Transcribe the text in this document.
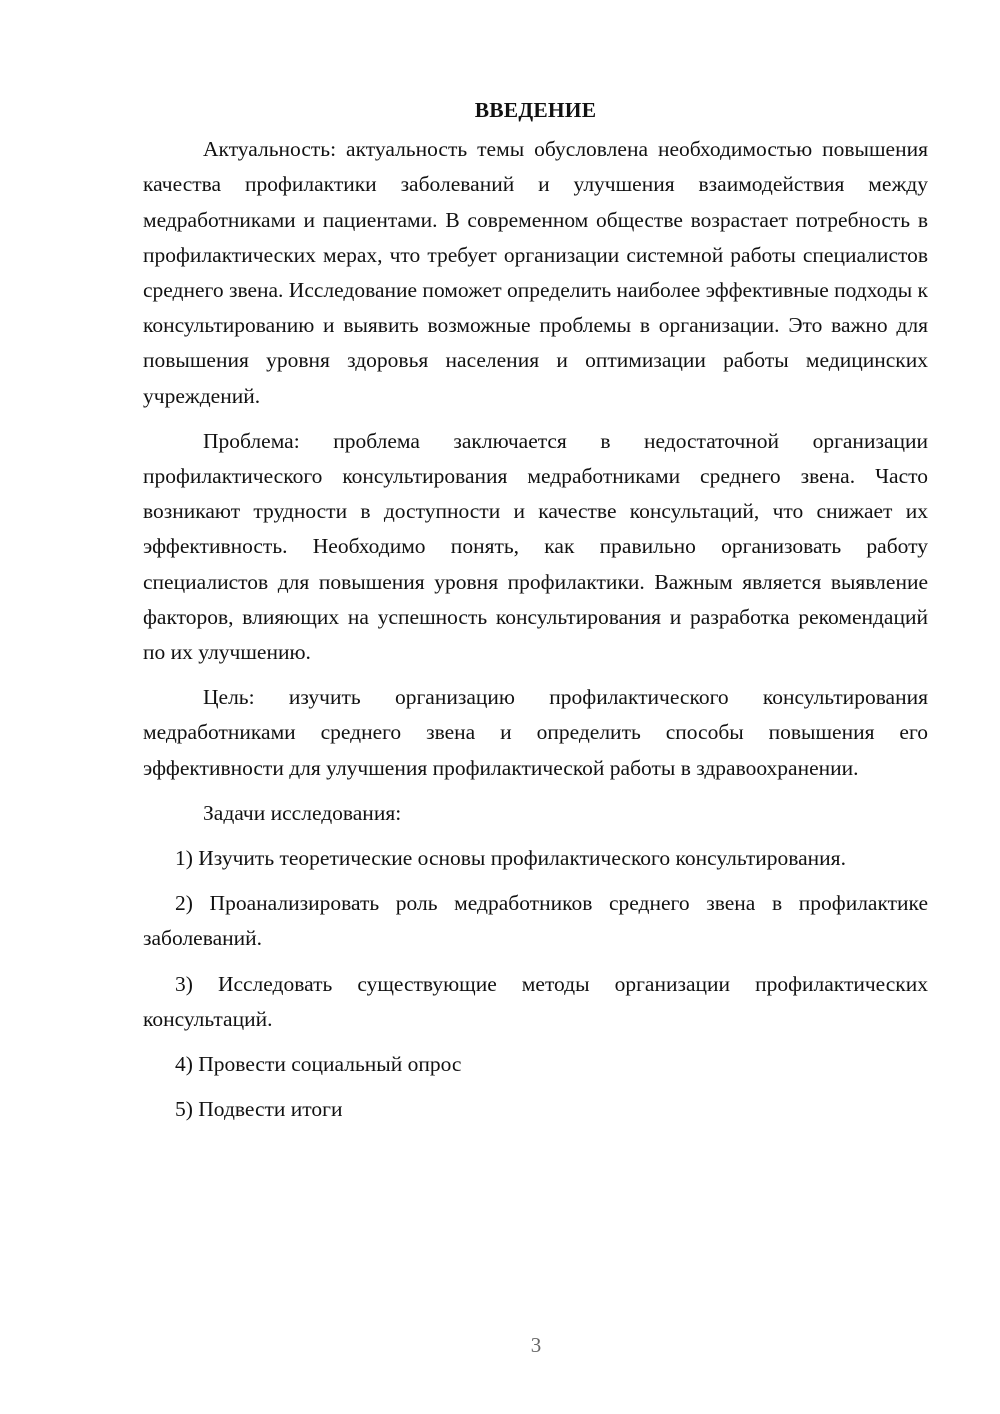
ВВЕДЕНИЕ

Актуальность: актуальность темы обусловлена необходимостью повышения качества профилактики заболеваний и улучшения взаимодействия между медработниками и пациентами. В современном обществе возрастает потребность в профилактических мерах, что требует организации системной работы специалистов среднего звена. Исследование поможет определить наиболее эффективные подходы к консультированию и выявить возможные проблемы в организации. Это важно для повышения уровня здоровья населения и оптимизации работы медицинских учреждений.

Проблема: проблема заключается в недостаточной организации профилактического консультирования медработниками среднего звена. Часто возникают трудности в доступности и качестве консультаций, что снижает их эффективность. Необходимо понять, как правильно организовать работу специалистов для повышения уровня профилактики. Важным является выявление факторов, влияющих на успешность консультирования и разработка рекомендаций по их улучшению.

Цель: изучить организацию профилактического консультирования медработниками среднего звена и определить способы повышения его эффективности для улучшения профилактической работы в здравоохранении.

Задачи исследования:

1) Изучить теоретические основы профилактического консультирования.

2) Проанализировать роль медработников среднего звена в профилактике заболеваний.

3) Исследовать существующие методы организации профилактических консультаций.

4) Провести социальный опрос

5) Подвести итоги

3
